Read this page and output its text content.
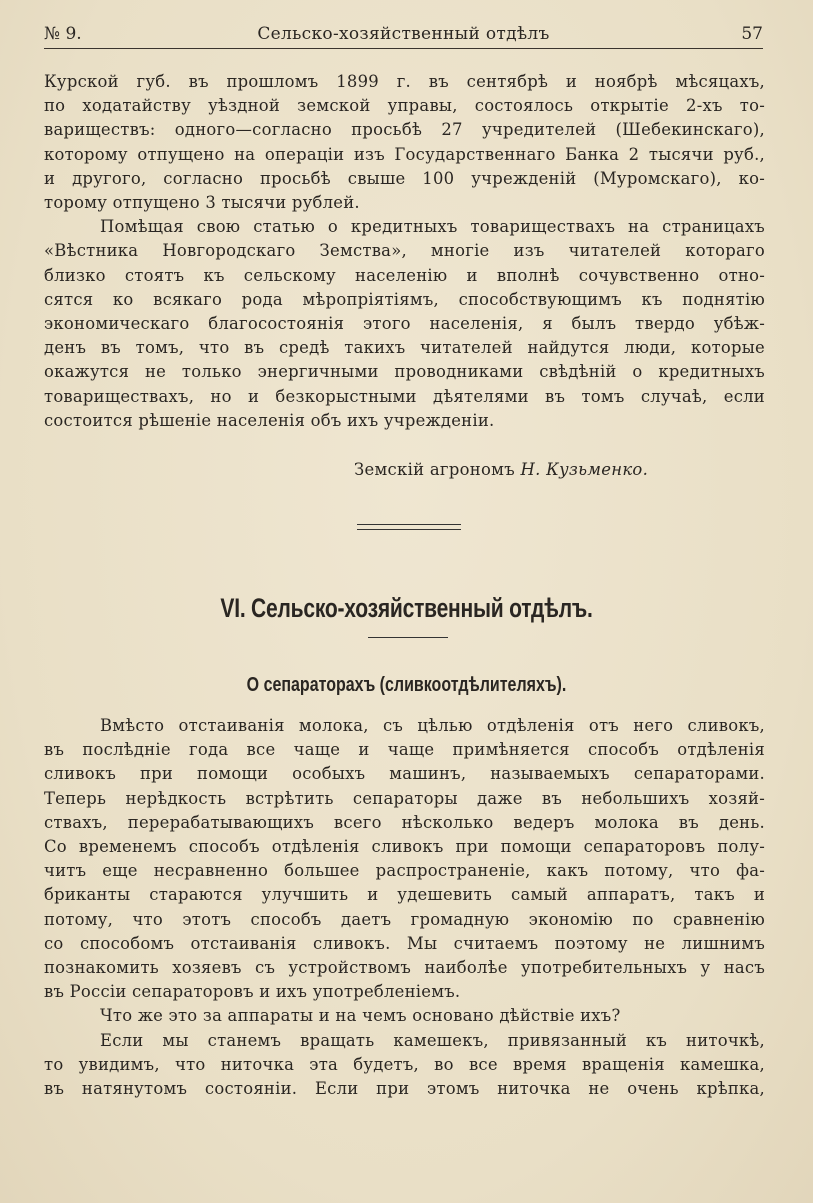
№ 9.	Сельско-хозяйственный отдѣлъ	57

Курской губ. въ прошломъ 1899 г. въ сентябрѣ и ноябрѣ мѣсяцахъ,
по ходатайству уѣздной земской управы, состоялось открытіе 2-хъ то-
вариществъ: одного—согласно просьбѣ 27 учредителей (Шебекинскаго),
которому отпущено на операціи изъ Государственнаго Банка 2 тысячи руб.,
и другого, согласно просьбѣ свыше 100 учрежденій (Муромскаго), ко-
торому отпущено 3 тысячи рублей.

Помѣщая свою статью о кредитныхъ товариществахъ на страницахъ
«Вѣстника Новгородскаго Земства», многіе изъ читателей котораго
близко стоятъ къ сельскому населенію и вполнѣ сочувственно отно-
сятся ко всякаго рода мѣропріятіямъ, способствующимъ къ поднятію
экономическаго благосостоянія этого населенія, я былъ твердо убѣж-
денъ въ томъ, что въ средѣ такихъ читателей найдутся люди, которые
окажутся не только энергичными проводниками свѣдѣній о кредитныхъ
товариществахъ, но и безкорыстными дѣятелями въ томъ случаѣ, если
состоится рѣшеніе населенія объ ихъ учрежденіи.

Земскій агрономъ Н. Кузьменко.
VI. Сельско-хозяйственный отдѣлъ.
О сепараторахъ (сливкоотдѣлителяхъ).

Вмѣсто отстаиванія молока, съ цѣлью отдѣленія отъ него сливокъ,
въ послѣдніе года все чаще и чаще примѣняется способъ отдѣленія
сливокъ при помощи особыхъ машинъ, называемыхъ сепараторами.
Теперь нерѣдкость встрѣтить сепараторы даже въ небольшихъ хозяй-
ствахъ, перерабатывающихъ всего нѣсколько ведеръ молока въ день.
Со временемъ способъ отдѣленія сливокъ при помощи сепараторовъ полу-
читъ еще несравненно большее распространеніе, какъ потому, что фа-
бриканты стараются улучшить и удешевить самый аппаратъ, такъ и
потому, что этотъ способъ даетъ громадную экономію по сравненію
со способомъ отстаиванія сливокъ. Мы считаемъ поэтому не лишнимъ
познакомить хозяевъ съ устройствомъ наиболѣе употребительныхъ у насъ
въ Россіи сепараторовъ и ихъ употребленіемъ.

Что же это за аппараты и на чемъ основано дѣйствіе ихъ?

Если мы станемъ вращать камешекъ, привязанный къ ниточкѣ,
то увидимъ, что ниточка эта будетъ, во все время вращенія камешка,
въ натянутомъ состояніи. Если при этомъ ниточка не очень крѣпка,
